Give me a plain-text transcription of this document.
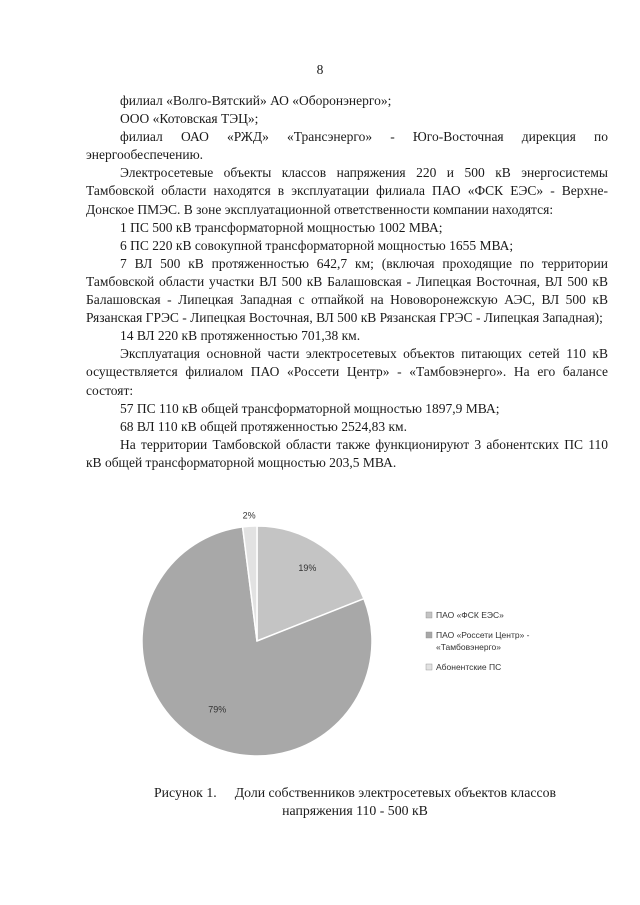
8

филиал «Волго-Вятский» АО «Оборонэнерго»;

ООО «Котовская ТЭЦ»;

филиал ОАО «РЖД» «Трансэнерго» - Юго-Восточная дирекция по энергообеспечению.

Электросетевые объекты классов напряжения 220 и 500 кВ энергосистемы Тамбовской области находятся в эксплуатации филиала ПАО «ФСК ЕЭС» - Верхне-Донское ПМЭС. В зоне эксплуатационной ответственности компании находятся:

1 ПС 500 кВ трансформаторной мощностью 1002 МВА;

6 ПС 220 кВ совокупной трансформаторной мощностью 1655 МВА;

7 ВЛ 500 кВ протяженностью 642,7 км; (включая проходящие по территории Тамбовской области участки ВЛ 500 кВ Балашовская - Липецкая Восточная, ВЛ 500 кВ Балашовская - Липецкая Западная с отпайкой на Нововоронежскую АЭС, ВЛ 500 кВ Рязанская ГРЭС - Липецкая Восточная, ВЛ 500 кВ Рязанская ГРЭС - Липецкая Западная);

14 ВЛ 220 кВ протяженностью 701,38 км.

Эксплуатация основной части электросетевых объектов питающих сетей 110 кВ осуществляется филиалом ПАО «Россети Центр» - «Тамбовэнерго». На его балансе состоят:

57 ПС 110 кВ общей трансформаторной мощностью 1897,9 МВА;

68 ВЛ 110 кВ общей протяженностью 2524,83 км.

На территории Тамбовской области также функционируют 3 абонентских ПС 110 кВ общей трансформаторной мощностью 203,5 МВА.

19%
79%
2%
ПАО «ФСК ЕЭС»
ПАО «Россети Центр» -
«Тамбовэнерго»
Абонентские ПС
Рисунок 1. Доли собственников электросетевых объектов классов
напряжения 110 - 500 кВ
